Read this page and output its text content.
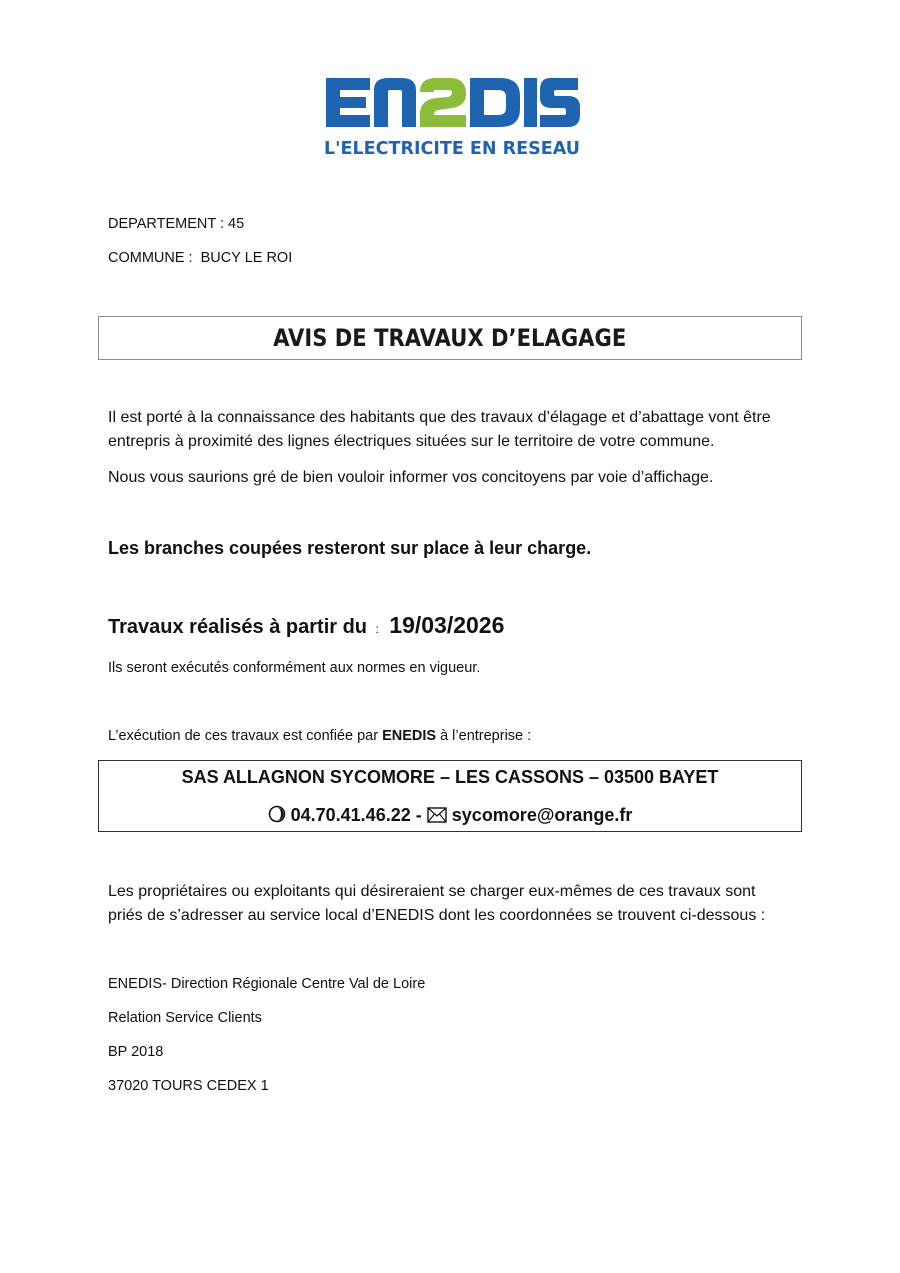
L'ELECTRICITE EN RESEAU
DEPARTEMENT : 45
COMMUNE :  BUCY LE ROI
AVIS DE TRAVAUX D’ELAGAGE
Il est porté à la connaissance des habitants que des travaux d’élagage et d’abattage vont être
entrepris à proximité des lignes électriques situées sur le territoire de votre commune.
Nous vous saurions gré de bien vouloir informer vos concitoyens par voie d’affichage.
Les branches coupées resteront sur place à leur charge.
Travaux réalisés à partir du : 19/03/2026
Ils seront exécutés conformément aux normes en vigueur.
L’exécution de ces travaux est confiée par ENEDIS à l’entreprise :
SAS ALLAGNON SYCOMORE – LES CASSONS – 03500 BAYET
04.70.41.46.22 - sycomore@orange.fr
Les propriétaires ou exploitants qui désireraient se charger eux-mêmes de ces travaux sont
priés de s’adresser au service local d’ENEDIS dont les coordonnées se trouvent ci-dessous :
ENEDIS- Direction Régionale Centre Val de Loire
Relation Service Clients
BP 2018
37020 TOURS CEDEX 1
